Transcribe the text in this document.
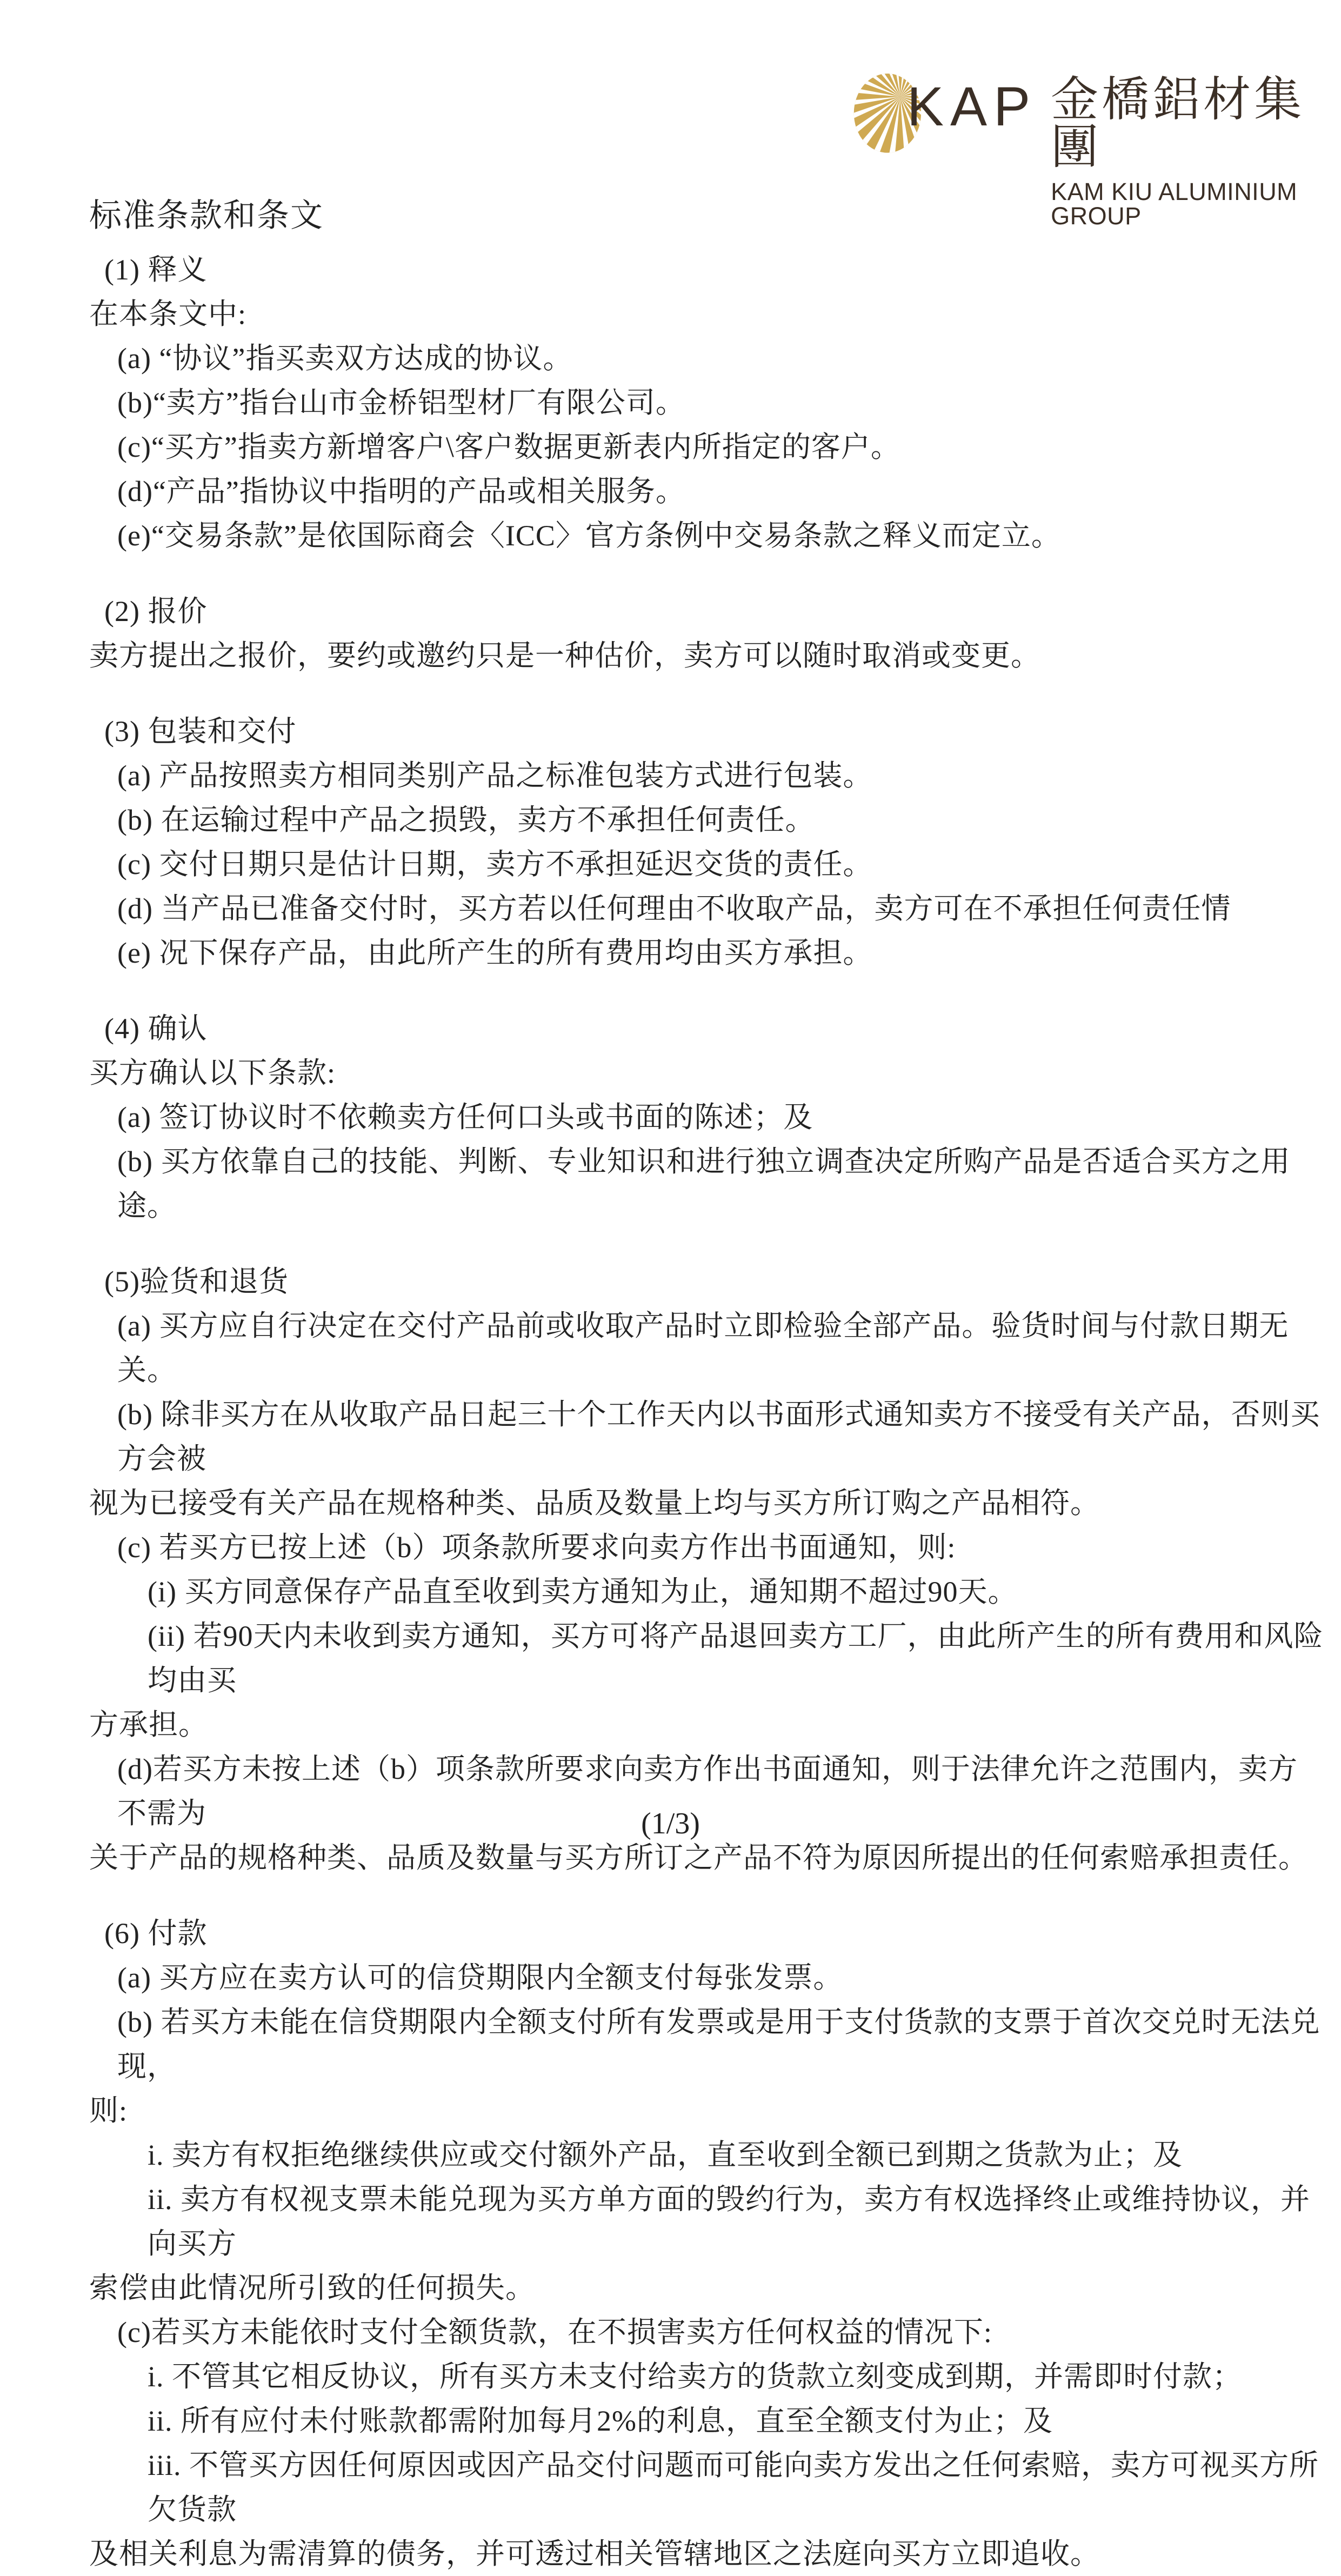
KAP 金橋鋁材集團
KAM KIU ALUMINIUM GROUP
标准条款和条文
(1) 释义
在本条文中:
(a) “协议”指买卖双方达成的协议。
(b)“卖方”指台山市金桥铝型材厂有限公司。
(c)“买方”指卖方新增客户\客户数据更新表内所指定的客户。
(d)“产品”指协议中指明的产品或相关服务。
(e)“交易条款”是依国际商会〈ICC〉官方条例中交易条款之释义而定立。
(2) 报价
卖方提出之报价，要约或邀约只是一种估价，卖方可以随时取消或变更。
(3) 包装和交付
(a) 产品按照卖方相同类别产品之标准包装方式进行包装。
(b) 在运输过程中产品之损毁，卖方不承担任何责任。
(c) 交付日期只是估计日期，卖方不承担延迟交货的责任。
(d) 当产品已准备交付时，买方若以任何理由不收取产品，卖方可在不承担任何责任情
(e) 况下保存产品，由此所产生的所有费用均由买方承担。
(4) 确认
买方确认以下条款:
(a) 签订协议时不依赖卖方任何口头或书面的陈述；及
(b) 买方依靠自己的技能、判断、专业知识和进行独立调查决定所购产品是否适合买方之用途。
(5)验货和退货
(a) 买方应自行决定在交付产品前或收取产品时立即检验全部产品。验货时间与付款日期无关。
(b) 除非买方在从收取产品日起三十个工作天内以书面形式通知卖方不接受有关产品，否则买方会被
视为已接受有关产品在规格种类、品质及数量上均与买方所订购之产品相符。
(c) 若买方已按上述（b）项条款所要求向卖方作出书面通知，则:
(i) 买方同意保存产品直至收到卖方通知为止，通知期不超过90天。
(ii) 若90天内未收到卖方通知，买方可将产品退回卖方工厂，由此所产生的所有费用和风险均由买
方承担。
(d)若买方未按上述（b）项条款所要求向卖方作出书面通知，则于法律允许之范围内，卖方不需为
关于产品的规格种类、品质及数量与买方所订之产品不符为原因所提出的任何索赔承担责任。
(6) 付款
(a) 买方应在卖方认可的信贷期限内全额支付每张发票。
(b) 若买方未能在信贷期限内全额支付所有发票或是用于支付货款的支票于首次交兑时无法兑现，
则:
i. 卖方有权拒绝继续供应或交付额外产品，直至收到全额已到期之货款为止；及
ii. 卖方有权视支票未能兑现为买方单方面的毁约行为，卖方有权选择终止或维持协议，并向买方
索偿由此情况所引致的任何损失。
(c)若买方未能依时支付全额货款，在不损害卖方任何权益的情况下:
i. 不管其它相反协议，所有买方未支付给卖方的货款立刻变成到期，并需即时付款；
ii. 所有应付未付账款都需附加每月2%的利息，直至全额支付为止；及
iii. 不管买方因任何原因或因产品交付问题而可能向卖方发出之任何索赔，卖方可视买方所欠货款
及相关利息为需清算的债务，并可透过相关管辖地区之法庭向买方立即追收。
(1/3)
